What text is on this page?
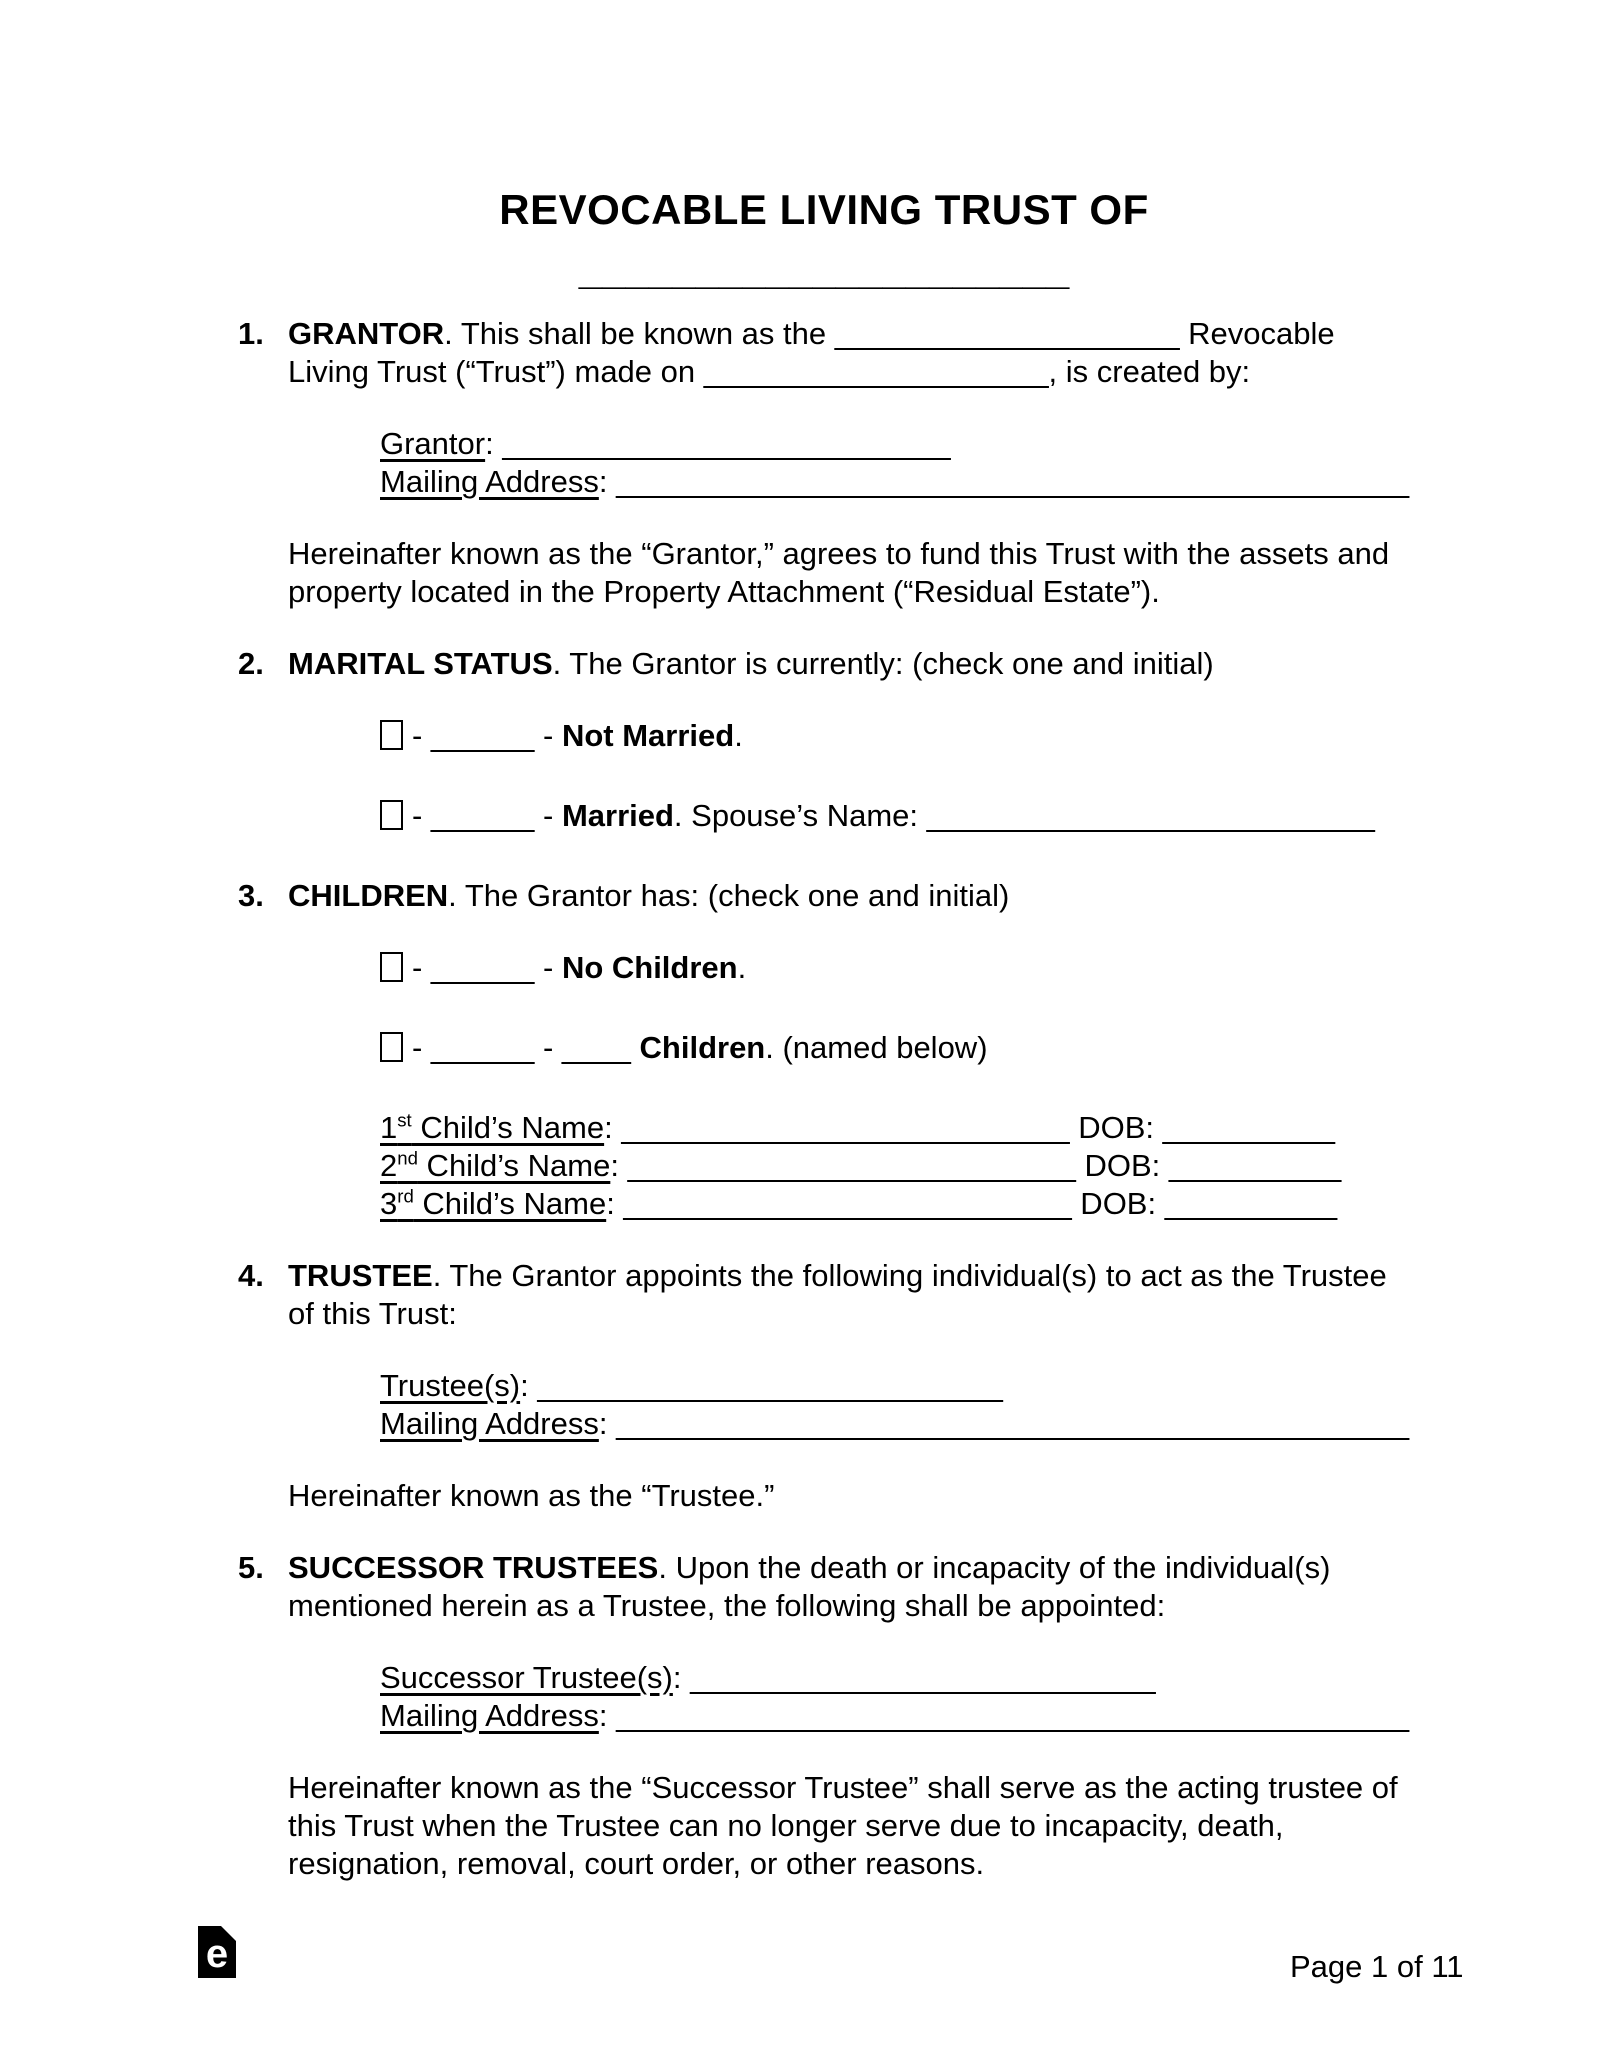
REVOCABLE LIVING TRUST OF
_____________________
1. GRANTOR. This shall be known as the ____________________ Revocable
Living Trust (“Trust”) made on ____________________, is created by:
Grantor: __________________________
Mailing Address: ______________________________________________
Hereinafter known as the “Grantor,” agrees to fund this Trust with the assets and
property located in the Property Attachment (“Residual Estate”).
2. MARITAL STATUS. The Grantor is currently: (check one and initial)
- ______ - Not Married.
- ______ - Married. Spouse’s Name: __________________________
3. CHILDREN. The Grantor has: (check one and initial)
- ______ - No Children.
- ______ - ____ Children. (named below)
1st Child’s Name: __________________________ DOB: __________
2nd Child’s Name: __________________________ DOB: __________
3rd Child’s Name: __________________________ DOB: __________
4. TRUSTEE. The Grantor appoints the following individual(s) to act as the Trustee
of this Trust:
Trustee(s): ___________________________
Mailing Address: ______________________________________________
Hereinafter known as the “Trustee.”
5. SUCCESSOR TRUSTEES. Upon the death or incapacity of the individual(s)
mentioned herein as a Trustee, the following shall be appointed:
Successor Trustee(s): ___________________________
Mailing Address: ______________________________________________
Hereinafter known as the “Successor Trustee” shall serve as the acting trustee of
this Trust when the Trustee can no longer serve due to incapacity, death,
resignation, removal, court order, or other reasons.
e	Page 1 of 11
